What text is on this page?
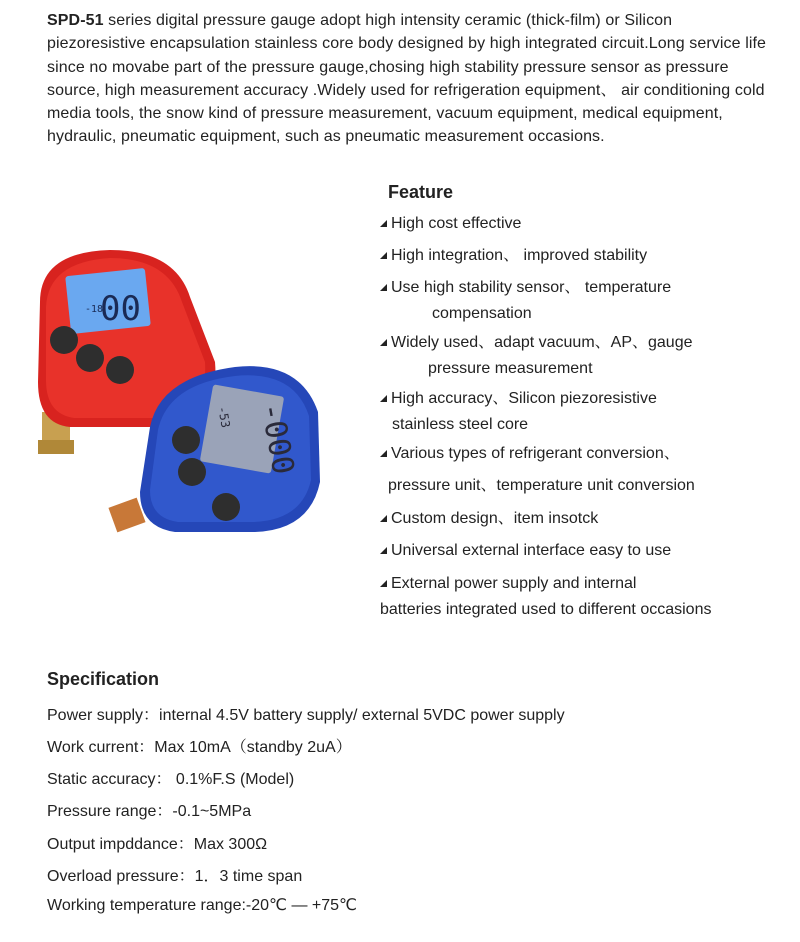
SPD-51 series digital pressure gauge adopt high intensity ceramic (thick-film) or Silicon piezoresistive encapsulation stainless core body designed by high integrated circuit.Long service life since no movabe part of the pressure gauge,chosing high stability pressure sensor as pressure source, high measurement accuracy .Widely used for refrigeration equipment、 air conditioning cold media tools, the snow kind of pressure measurement, vacuum equipment, medical equipment, hydraulic, pneumatic equipment, such as pneumatic measurement occasions.
-18
00
-53 -000
Feature
High cost effective
High integration、 improved stability
Use high stability sensor、 temperature
compensation
Widely used、adapt vacuum、AP、gauge
pressure measurement
High accuracy、Silicon piezoresistive
stainless steel core
Various types of refrigerant conversion、
pressure unit、temperature unit conversion
Custom design、item insotck
Universal external interface easy to use
External power supply and internal
batteries integrated used to different occasions
Specification
Power supply：internal 4.5V battery supply/ external 5VDC power supply
Work current：Max 10mA（standby 2uA）
Static accuracy： 0.1%F.S (Model)
Pressure range：-0.1~5MPa
Output impddance：Max 300Ω
Overload pressure：1．3 time span
Working temperature range:-20℃ — +75℃
